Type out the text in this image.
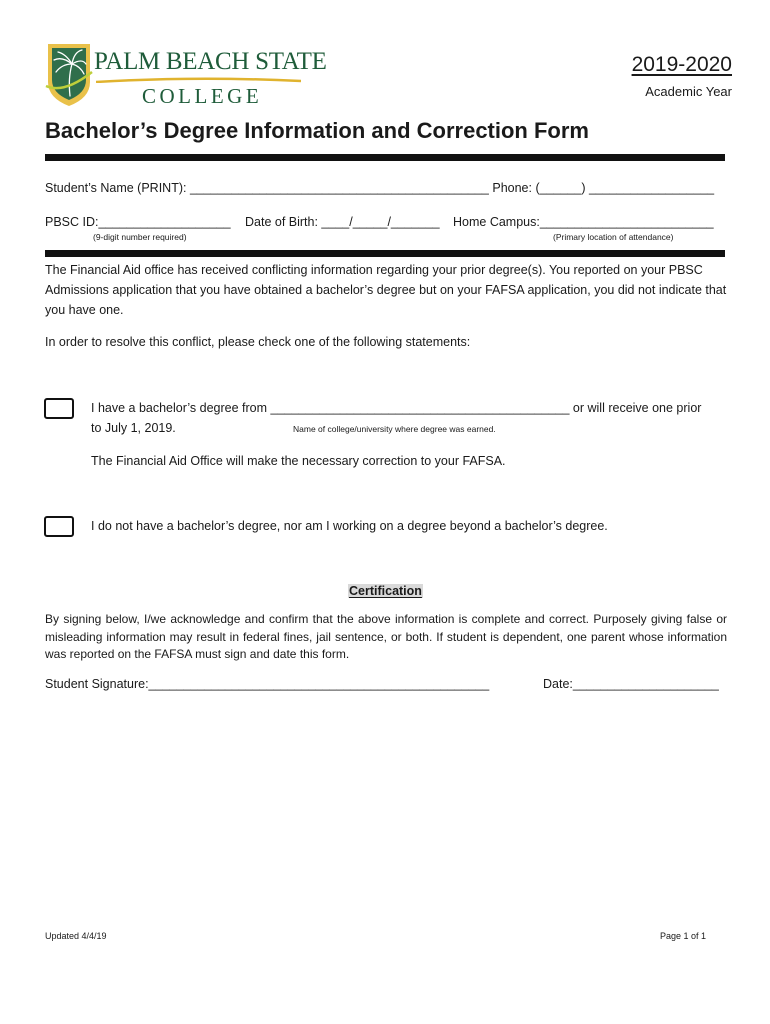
PALM BEACH STATE
COLLEGE
2019-2020
Academic Year
Bachelor’s Degree Information and Correction Form
Student’s Name (PRINT): ___________________________________________ Phone: (______) __________________
PBSC ID:___________________
(9-digit number required)
Date of Birth: ____/_____/_______ Home Campus:_________________________
(Primary location of attendance)
The Financial Aid office has received conflicting information regarding your prior degree(s). You reported on your PBSC Admissions application that you have obtained a bachelor’s degree but on your FAFSA application, you did not indicate that you have one.
In order to resolve this conflict, please check one of the following statements:
I have a bachelor’s degree from ___________________________________________ or will receive one prior
to July 1, 2019.	Name of college/university where degree was earned.
The Financial Aid Office will make the necessary correction to your FAFSA.
I do not have a bachelor’s degree, nor am I working on a degree beyond a bachelor’s degree.
Certification
By signing below, I/we acknowledge and confirm that the above information is complete and correct. Purposely giving false or misleading information may result in federal fines, jail sentence, or both. If student is dependent, one parent whose information was reported on the FAFSA must sign and date this form.
Student Signature:_________________________________________________	Date:_____________________
Updated 4/4/19	Page 1 of 1
